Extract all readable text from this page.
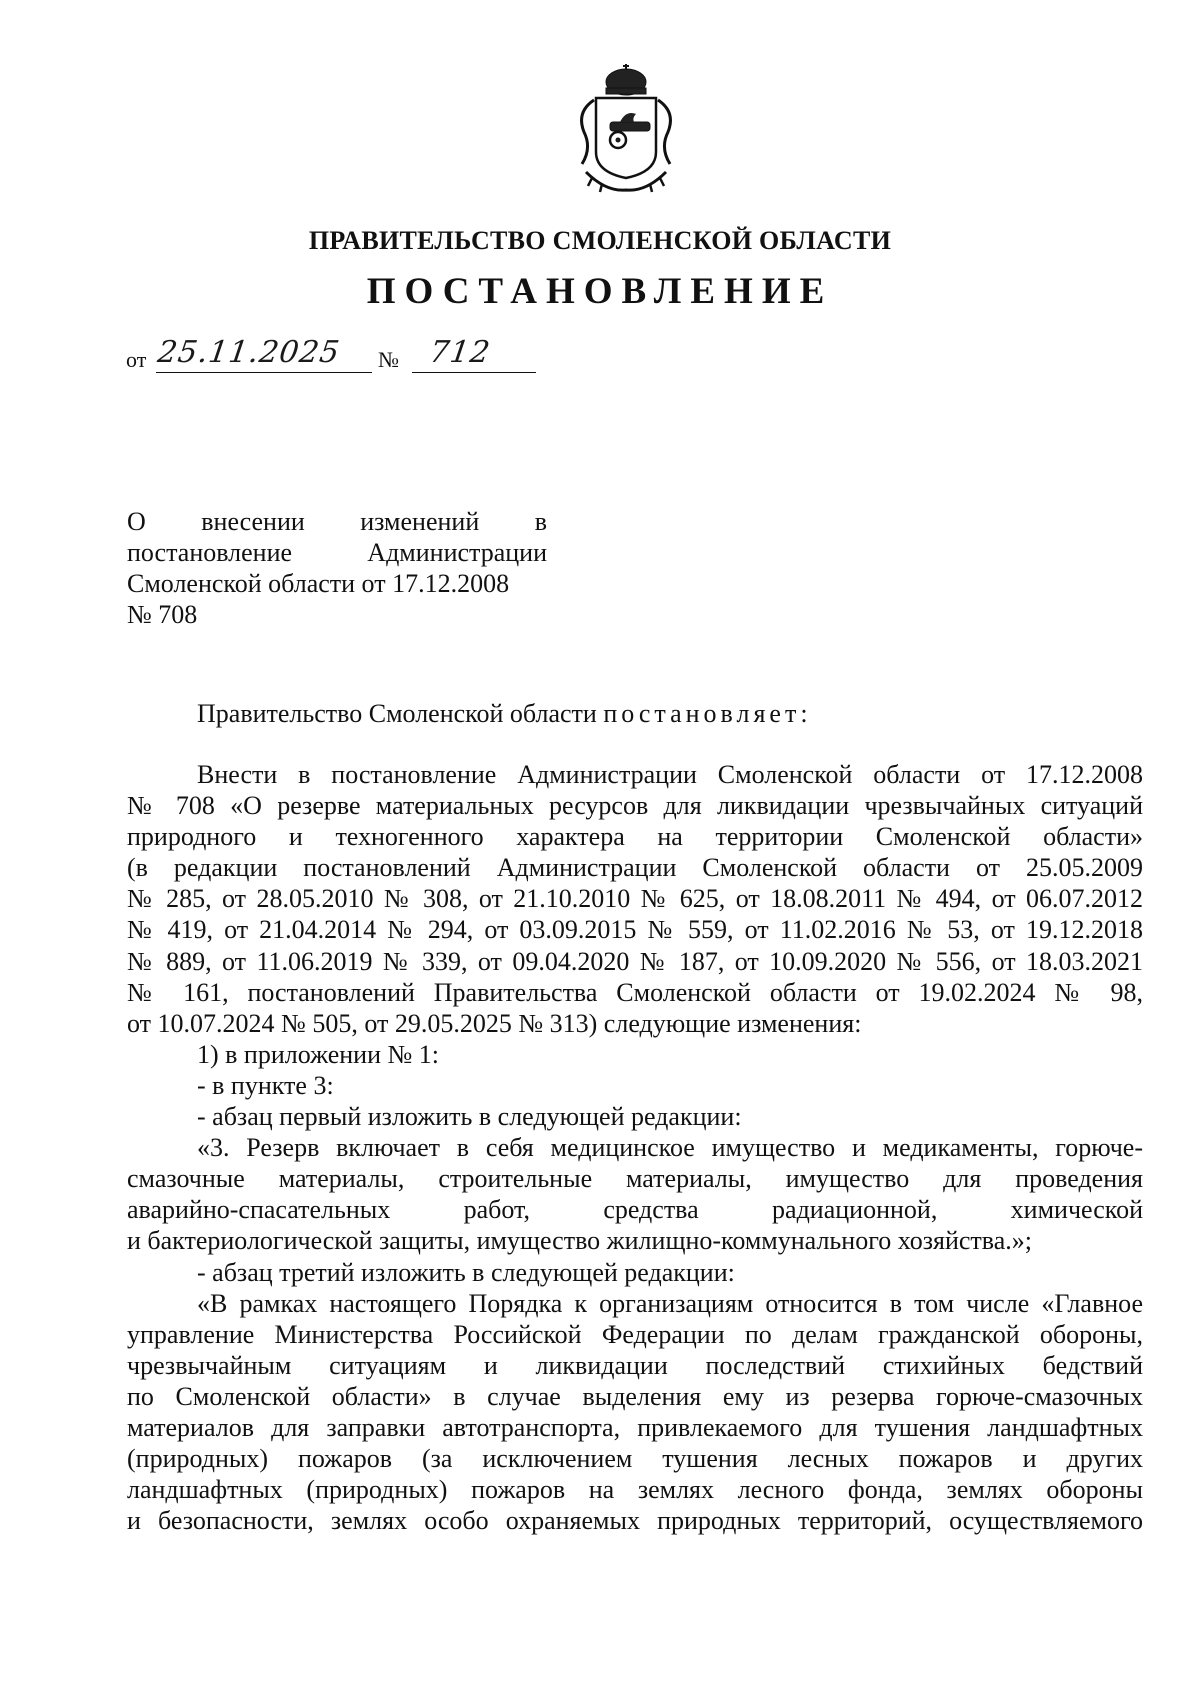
ПРАВИТЕЛЬСТВО СМОЛЕНСКОЙ ОБЛАСТИ
ПОСТАНОВЛЕНИЕ
от 25.11.2025 № 712
О внесении изменений в
постановление Администрации
Смоленской области от 17.12.2008
№ 708
Правительство Смоленской области постановляет:
Внести в постановление Администрации Смоленской области от 17.12.2008
№ 708 «О резерве материальных ресурсов для ликвидации чрезвычайных ситуаций
природного и техногенного характера на территории Смоленской области»
(в редакции постановлений Администрации Смоленской области от 25.05.2009
№ 285, от 28.05.2010 № 308, от 21.10.2010 № 625, от 18.08.2011 № 494, от 06.07.2012
№ 419, от 21.04.2014 № 294, от 03.09.2015 № 559, от 11.02.2016 № 53, от 19.12.2018
№ 889, от 11.06.2019 № 339, от 09.04.2020 № 187, от 10.09.2020 № 556, от 18.03.2021
№ 161, постановлений Правительства Смоленской области от 19.02.2024 № 98,
от 10.07.2024 № 505, от 29.05.2025 № 313) следующие изменения:
1) в приложении № 1:
- в пункте 3:
- абзац первый изложить в следующей редакции:
«3. Резерв включает в себя медицинское имущество и медикаменты, горюче-
смазочные материалы, строительные материалы, имущество для проведения
аварийно-спасательных работ, средства радиационной, химической
и бактериологической защиты, имущество жилищно-коммунального хозяйства.»;
- абзац третий изложить в следующей редакции:
«В рамках настоящего Порядка к организациям относится в том числе «Главное
управление Министерства Российской Федерации по делам гражданской обороны,
чрезвычайным ситуациям и ликвидации последствий стихийных бедствий
по Смоленской области» в случае выделения ему из резерва горюче-смазочных
материалов для заправки автотранспорта, привлекаемого для тушения ландшафтных
(природных) пожаров (за исключением тушения лесных пожаров и других
ландшафтных (природных) пожаров на землях лесного фонда, землях обороны
и безопасности, землях особо охраняемых природных территорий, осуществляемого
